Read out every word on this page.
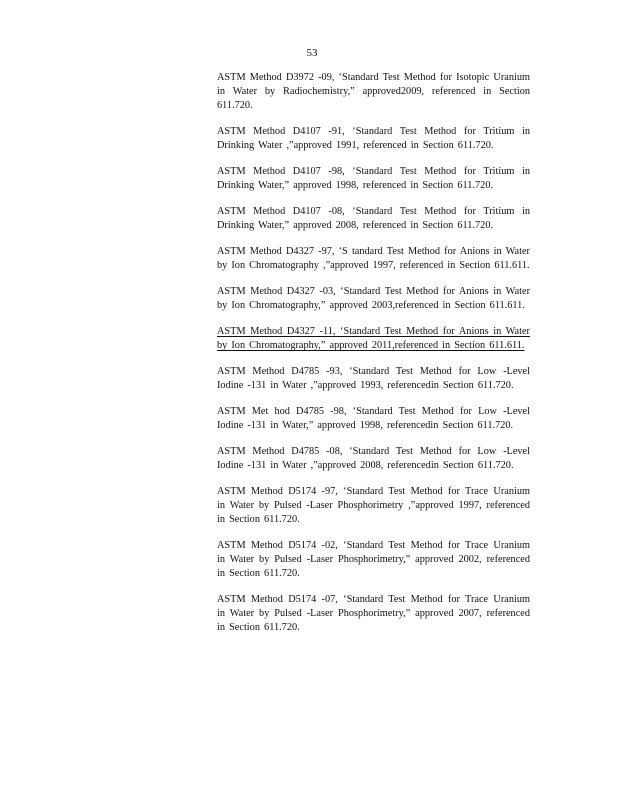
53

ASTM Method D3972 -09, ‘Standard Test Method for Isotopic Uranium in Water by Radiochemistry,” approved2009, referenced in Section 611.720.

ASTM Method D4107 -91, ‘Standard Test Method for Tritium in Drinking Water ,”approved 1991, referenced in Section 611.720.

ASTM Method D4107 -98, ‘Standard Test Method for Tritium in Drinking Water,” approved 1998, referenced in Section 611.720.

ASTM Method D4107 -08, ‘Standard Test Method for Tritium in Drinking Water,” approved 2008, referenced in Section 611.720.

ASTM Method D4327 -97, ‘S tandard Test Method for Anions in Water by Ion Chromatography ,”approved 1997, referenced in Section 611.611.

ASTM Method D4327 -03, ‘Standard Test Method for Anions in Water by Ion Chromatography,” approved 2003,referenced in Section 611.611.

ASTM Method D4327 -11, ‘Standard Test Method for Anions in Water by Ion Chromatography,” approved 2011,referenced in Section 611.611.

ASTM Method D4785 -93, ‘Standard Test Method for Low -Level Iodine -131 in Water ,”approved 1993, referencedin Section 611.720.

ASTM Met hod D4785 -98, ‘Standard Test Method for Low -Level Iodine -131 in Water,” approved 1998, referencedin Section 611.720.

ASTM Method D4785 -08, ‘Standard Test Method for Low -Level Iodine -131 in Water ,”approved 2008, referencedin Section 611.720.

ASTM Method D5174 -97, ‘Standard Test Method for Trace Uranium in Water by Pulsed -Laser Phosphorimetry ,”approved 1997, referenced in Section 611.720.

ASTM Method D5174 -02, ‘Standard Test Method for Trace Uranium in Water by Pulsed -Laser Phosphorimetry,” approved 2002, referenced in Section 611.720.

ASTM Method D5174 -07, ‘Standard Test Method for Trace Uranium in Water by Pulsed -Laser Phosphorimetry,” approved 2007, referenced in Section 611.720.
